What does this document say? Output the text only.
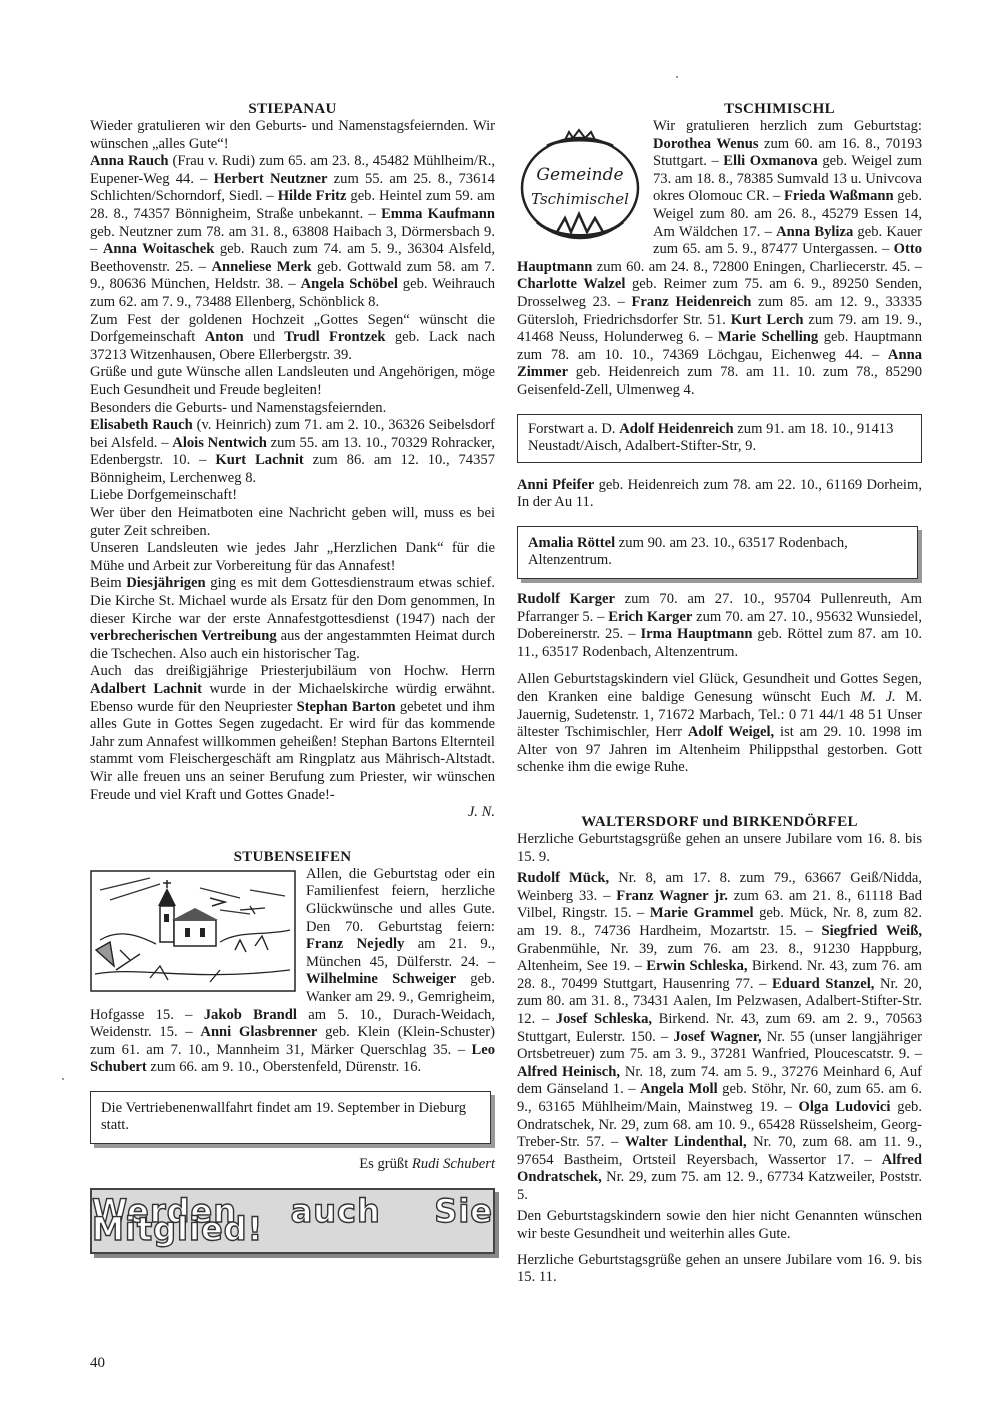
STIEPANAU

Wieder gratulieren wir den Geburts- und Namenstagsfeiernden. Wir wünschen „alles Gute“!
Anna Rauch (Frau v. Rudi) zum 65. am 23. 8., 45482 Mühlheim/R., Eupener-Weg 44. – Herbert Neutzner zum 55. am 25. 8., 73614 Schlichten/Schorndorf, Siedl. – Hilde Fritz geb. Heintel zum 59. am 28. 8., 74357 Bönnigheim, Straße unbekannt. – Emma Kaufmann geb. Neutzner zum 78. am 31. 8., 63808 Haibach 3, Dörmersbach 9. – Anna Woitaschek geb. Rauch zum 74. am 5. 9., 36304 Alsfeld, Beethovenstr. 25. – Anneliese Merk geb. Gottwald zum 58. am 7. 9., 80636 München, Heldstr. 38. – Angela Schöbel geb. Weihrauch zum 62. am 7. 9., 73488 Ellenberg, Schönblick 8.

Zum Fest der goldenen Hochzeit „Gottes Segen“ wünscht die Dorfgemeinschaft Anton und Trudl Frontzek geb. Lack nach 37213 Witzenhausen, Obere Ellerbergstr. 39.

Grüße und gute Wünsche allen Landsleuten und Angehörigen, möge Euch Gesundheit und Freude begleiten!

Besonders die Geburts- und Namenstagsfeiernden.

Elisabeth Rauch (v. Heinrich) zum 71. am 2. 10., 36326 Seibelsdorf bei Alsfeld. – Alois Nentwich zum 55. am 13. 10., 70329 Rohracker, Edenbergstr. 10. – Kurt Lachnit zum 86. am 12. 10., 74357 Bönnigheim, Lerchenweg 8.

Liebe Dorfgemeinschaft!

Wer über den Heimatboten eine Nachricht geben will, muss es bei guter Zeit schreiben.

Unseren Landsleuten wie jedes Jahr „Herzlichen Dank“ für die Mühe und Arbeit zur Vorbereitung für das Annafest!

Beim Diesjährigen ging es mit dem Gottesdienstraum etwas schief. Die Kirche St. Michael wurde als Ersatz für den Dom genommen, In dieser Kirche war der erste Annafestgottesdienst (1947) nach der verbrecherischen Vertreibung aus der angestammten Heimat durch die Tschechen. Also auch ein historischer Tag.

Auch das dreißigjährige Priesterjubiläum von Hochw. Herrn Adalbert Lachnit wurde in der Michaelskirche würdig erwähnt. Ebenso wurde für den Neupriester Stephan Barton gebetet und ihm alles Gute in Gottes Segen zugedacht. Er wird für das kommende Jahr zum Annafest willkommen geheißen! Stephan Bartons Elternteil stammt vom Fleischergeschäft am Ringplatz aus Mährisch-Altstadt. Wir alle freuen uns an seiner Berufung zum Priester, wir wünschen Freude und viel Kraft und Gottes Gnade!-

J. N.

STUBENSEIFEN

Allen, die Geburtstag oder ein Familienfest feiern, herzliche Glückwünsche und alles Gute. Den 70. Geburtstag feiern: Franz Nejedly am 21. 9., München 45, Dülferstr. 24. – Wilhelmine Schweiger geb. Wanker am 29. 9., Gemrigheim, Hofgasse 15. – Jakob Brandl am 5. 10., Durach-Weidach, Weidenstr. 15. – Anni Glasbrenner geb. Klein (Klein-Schuster) zum 61. am 7. 10., Mannheim 31, Märker Querschlag 35. – Leo Schubert zum 66. am 9. 10., Oberstenfeld, Dürenstr. 16.

Die Vertriebenenwallfahrt findet am 19. September in Dieburg statt.

Es grüßt Rudi Schubert

Werden auch Sie Mitglied!
TSCHIMISCHL
Gemeinde
Tschimischel

Wir gratulieren herzlich zum Geburtstag: Dorothea Wenus zum 60. am 16. 8., 70193 Stuttgart. – Elli Oxmanova geb. Weigel zum 73. am 18. 8., 78385 Sumvald 13 u. Univcova okres Olomouc CR. – Frieda Waßmann geb. Weigel zum 80. am 26. 8., 45279 Essen 14, Am Wäldchen 17. – Anna Byliza geb. Kauer zum 65. am 5. 9., 87477 Untergassen. – Otto Hauptmann zum 60. am 24. 8., 72800 Eningen, Charliecerstr. 45. – Charlotte Walzel geb. Reimer zum 75. am 6. 9., 89250 Senden, Drosselweg 23. – Franz Heidenreich zum 85. am 12. 9., 33335 Gütersloh, Friedrichsdorfer Str. 51. Kurt Lerch zum 79. am 19. 9., 41468 Neuss, Holunderweg 6. – Marie Schelling geb. Hauptmann zum 78. am 10. 10., 74369 Löchgau, Eichenweg 44. – Anna Zimmer geb. Heidenreich zum 78. am 11. 10. zum 78., 85290 Geisenfeld-Zell, Ulmenweg 4.

Forstwart a. D. Adolf Heidenreich zum 91. am 18. 10., 91413 Neustadt/Aisch, Adalbert-Stifter-Str, 9.

Anni Pfeifer geb. Heidenreich zum 78. am 22. 10., 61169 Dorheim, In der Au 11.

Amalia Röttel zum 90. am 23. 10., 63517 Rodenbach, Altenzentrum.

Rudolf Karger zum 70. am 27. 10., 95704 Pullenreuth, Am Pfarranger 5. – Erich Karger zum 70. am 27. 10., 95632 Wunsiedel, Dobereinerstr. 25. – Irma Hauptmann geb. Röttel zum 87. am 10. 11., 63517 Rodenbach, Altenzentrum.

Allen Geburtstagskindern viel Glück, Gesundheit und Gottes Segen, den Kranken eine baldige Genesung wünscht Euch M. J. M. Jauernig, Sudetenstr. 1, 71672 Marbach, Tel.: 0 71 44/1 48 51 Unser ältester Tschimischler, Herr Adolf Weigel, ist am 29. 10. 1998 im Alter von 97 Jahren im Altenheim Philippsthal gestorben. Gott schenke ihm die ewige Ruhe.

WALTERSDORF und BIRKENDÖRFEL

Herzliche Geburtstagsgrüße gehen an unsere Jubilare vom 16. 8. bis 15. 9.

Rudolf Mück, Nr. 8, am 17. 8. zum 79., 63667 Geiß/Nidda, Weinberg 33. – Franz Wagner jr. zum 63. am 21. 8., 61118 Bad Vilbel, Ringstr. 15. – Marie Grammel geb. Mück, Nr. 8, zum 82. am 19. 8., 74736 Hardheim, Mozartstr. 15. – Siegfried Weiß, Grabenmühle, Nr. 39, zum 76. am 23. 8., 91230 Happburg, Altenheim, See 19. – Erwin Schleska, Birkend. Nr. 43, zum 76. am 28. 8., 70499 Stuttgart, Hausenring 77. – Eduard Stanzel, Nr. 20, zum 80. am 31. 8., 73431 Aalen, Im Pelzwasen, Adalbert-Stifter-Str. 12. – Josef Schleska, Birkend. Nr. 43, zum 69. am 2. 9., 70563 Stuttgart, Eulerstr. 150. – Josef Wagner, Nr. 55 (unser langjähriger Ortsbetreuer) zum 75. am 3. 9., 37281 Wanfried, Ploucescatstr. 9. – Alfred Heinisch, Nr. 18, zum 74. am 5. 9., 37276 Meinhard 6, Auf dem Gänseland 1. – Angela Moll geb. Stöhr, Nr. 60, zum 65. am 6. 9., 63165 Mühlheim/Main, Mainstweg 19. – Olga Ludovici geb. Ondratschek, Nr. 29, zum 68. am 10. 9., 65428 Rüsselsheim, Georg-Treber-Str. 57. – Walter Lindenthal, Nr. 70, zum 68. am 11. 9., 97654 Bastheim, Ortsteil Reyersbach, Wassertor 17. – Alfred Ondratschek, Nr. 29, zum 75. am 12. 9., 67734 Katzweiler, Poststr. 5.

Den Geburtstagskindern sowie den hier nicht Genannten wünschen wir beste Gesundheit und weiterhin alles Gute.

Herzliche Geburtstagsgrüße gehen an unsere Jubilare vom 16. 9. bis 15. 11.

40
